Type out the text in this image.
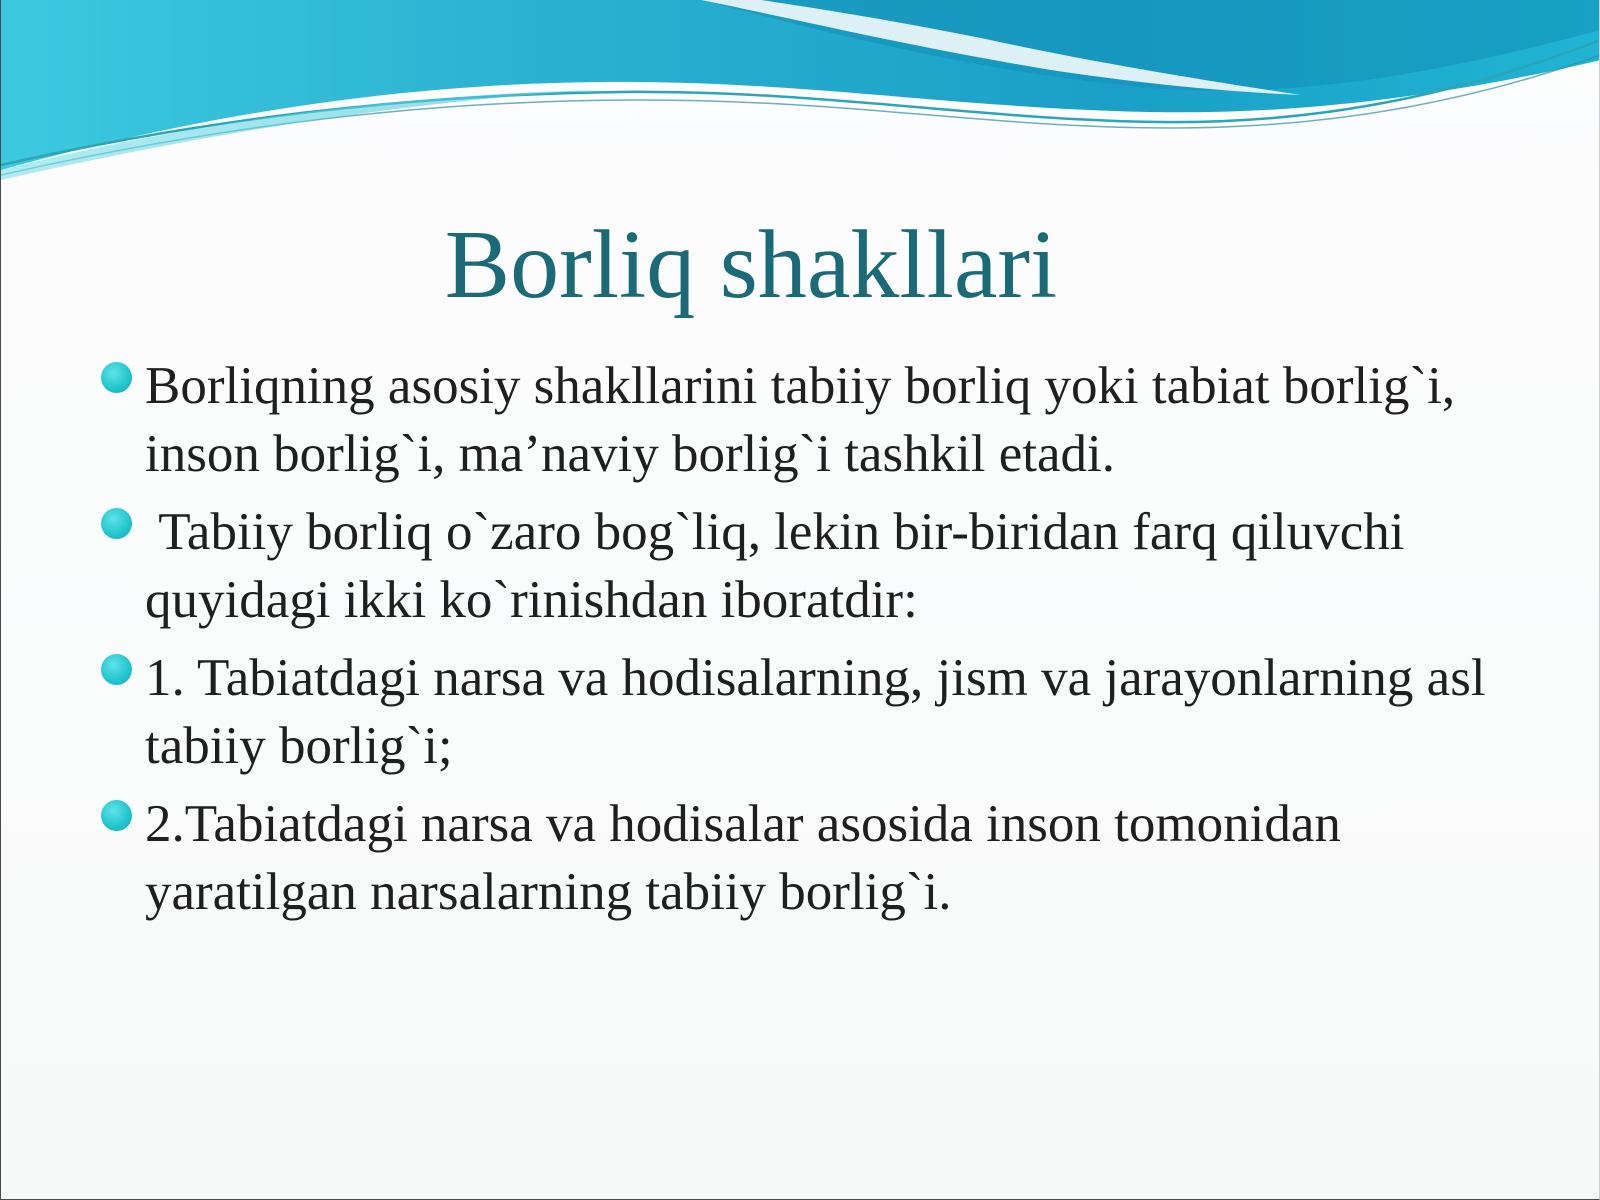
Borliq shakllari
Borliqning asosiy shakllarini tabiiy borliq yoki tabiat borlig`i, inson borlig`i, ma’naviy borlig`i tashkil etadi.
Tabiiy borliq o`zaro bog`liq, lekin bir-biridan farq qiluvchi quyidagi ikki ko`rinishdan iboratdir:
1. Tabiatdagi narsa va hodisalarning, jism va jarayonlarning asl tabiiy borlig`i;
2.Tabiatdagi narsa va hodisalar asosida inson tomonidan yaratilgan narsalarning tabiiy borlig`i.
